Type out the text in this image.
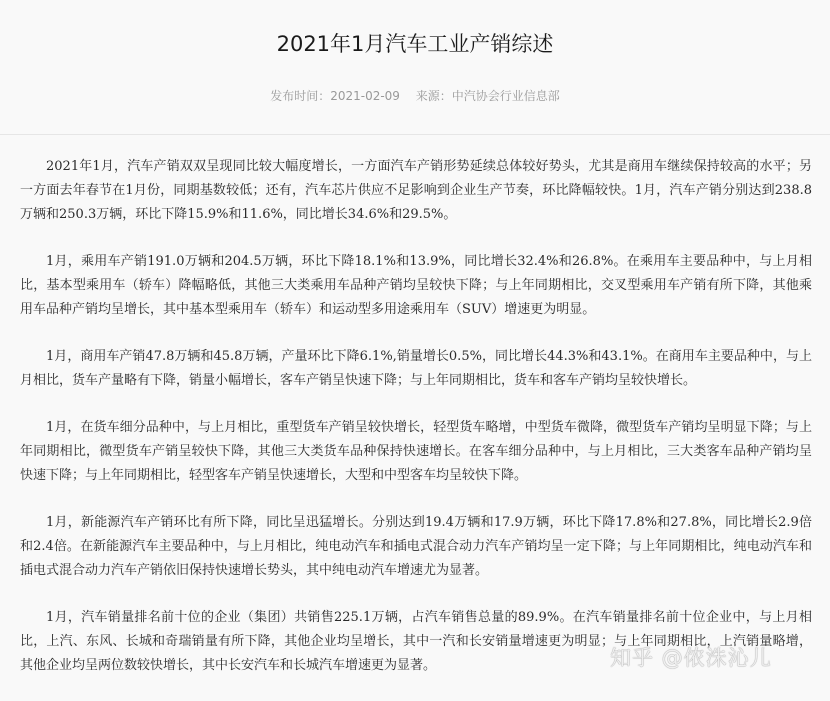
2021年1月汽车工业产销综述
发布时间：2021-02-09 来源：中汽协会行业信息部

2021年1月，汽车产销双双呈现同比较大幅度增长，一方面汽车产销形势延续总体较好势头，尤其是商用车继续保持较高的水平；另一方面去年春节在1月份，同期基数较低；还有，汽车芯片供应不足影响到企业生产节奏，环比降幅较快。1月，汽车产销分别达到238.8万辆和250.3万辆，环比下降15.9%和11.6%，同比增长34.6%和29.5%。

1月，乘用车产销191.0万辆和204.5万辆，环比下降18.1%和13.9%，同比增长32.4%和26.8%。在乘用车主要品种中，与上月相比，基本型乘用车（轿车）降幅略低，其他三大类乘用车品种产销均呈较快下降；与上年同期相比，交叉型乘用车产销有所下降，其他乘用车品种产销均呈增长，其中基本型乘用车（轿车）和运动型多用途乘用车（SUV）增速更为明显。

1月，商用车产销47.8万辆和45.8万辆，产量环比下降6.1%,销量增长0.5%，同比增长44.3%和43.1%。在商用车主要品种中，与上月相比，货车产量略有下降，销量小幅增长，客车产销呈快速下降；与上年同期相比，货车和客车产销均呈较快增长。

1月，在货车细分品种中，与上月相比，重型货车产销呈较快增长，轻型货车略增，中型货车微降，微型货车产销均呈明显下降；与上年同期相比，微型货车产销呈较快下降，其他三大类货车品种保持快速增长。在客车细分品种中，与上月相比，三大类客车品种产销均呈快速下降；与上年同期相比，轻型客车产销呈快速增长，大型和中型客车均呈较快下降。

1月，新能源汽车产销环比有所下降，同比呈迅猛增长。分别达到19.4万辆和17.9万辆，环比下降17.8%和27.8%，同比增长2.9倍和2.4倍。在新能源汽车主要品种中，与上月相比，纯电动汽车和插电式混合动力汽车产销均呈一定下降；与上年同期相比，纯电动汽车和插电式混合动力汽车产销依旧保持快速增长势头，其中纯电动汽车增速尤为显著。

1月，汽车销量排名前十位的企业（集团）共销售225.1万辆，占汽车销售总量的89.9%。在汽车销量排名前十位企业中，与上月相比，上汽、东风、长城和奇瑞销量有所下降，其他企业均呈增长，其中一汽和长安销量增速更为明显；与上年同期相比，上汽销量略增，其他企业均呈两位数较快增长，其中长安汽车和长城汽车增速更为显著。	知乎 @侬洙沁儿
